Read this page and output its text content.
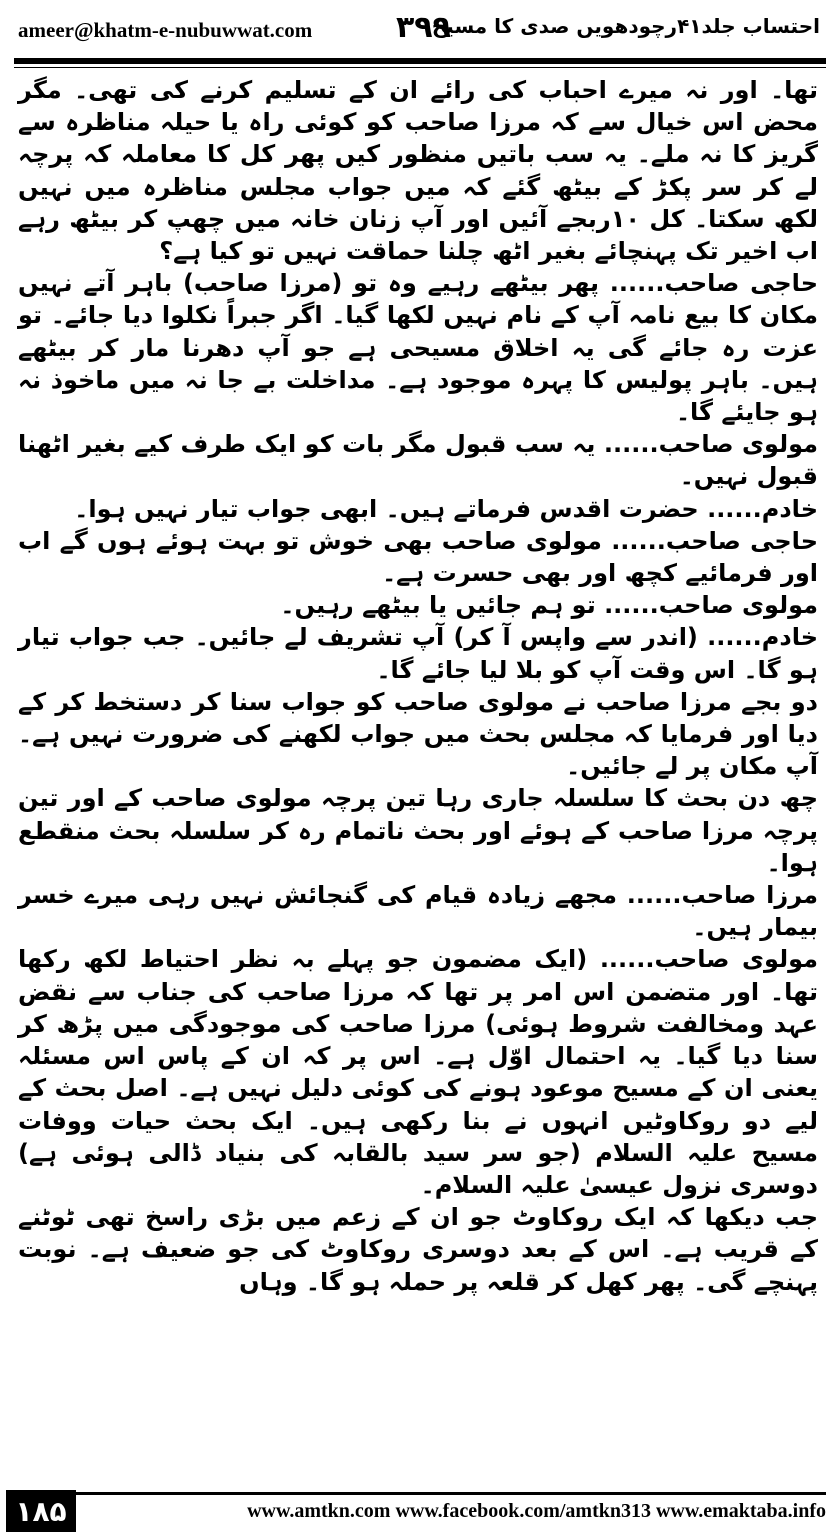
ameer@khatm-e-nubuwwat.com	۳۹۹
احتساب جلد۴۱رچودھویں صدی کا مسیح

تھا۔ اور نہ میرے احباب کی رائے ان کے تسلیم کرنے کی تھی۔ مگر محض اس خیال سے کہ مرزا صاحب کو کوئی راہ یا حیلہ مناظرہ سے گریز کا نہ ملے۔ یہ سب باتیں منظور کیں پھر کل کا معاملہ کہ پرچہ لے کر سر پکڑ کے بیٹھ گئے کہ میں جواب مجلس مناظرہ میں نہیں لکھ سکتا۔ کل ۱۰ربجے آئیں اور آپ زنان خانہ میں چھپ کر بیٹھ رہے اب اخیر تک پہنچائے بغیر اٹھ چلنا حماقت نہیں تو کیا ہے؟

حاجی صاحب...... پھر بیٹھے رہیے وہ تو (مرزا صاحب) باہر آتے نہیں مکان کا بیع نامہ آپ کے نام نہیں لکھا گیا۔ اگر جبراً نکلوا دیا جائے۔ تو عزت رہ جائے گی یہ اخلاق مسیحی ہے جو آپ دھرنا مار کر بیٹھے ہیں۔ باہر پولیس کا پہرہ موجود ہے۔ مداخلت بے جا نہ میں ماخوذ نہ ہو جایئے گا۔

مولوی صاحب...... یہ سب قبول مگر بات کو ایک طرف کیے بغیر اٹھنا قبول نہیں۔

خادم...... حضرت اقدس فرماتے ہیں۔ ابھی جواب تیار نہیں ہوا۔

حاجی صاحب...... مولوی صاحب بھی خوش تو بہت ہوئے ہوں گے اب اور فرمائیے کچھ اور بھی حسرت ہے۔

مولوی صاحب...... تو ہم جائیں یا بیٹھے رہیں۔

خادم...... (اندر سے واپس آ کر) آپ تشریف لے جائیں۔ جب جواب تیار ہو گا۔ اس وقت آپ کو بلا لیا جائے گا۔

دو بجے مرزا صاحب نے مولوی صاحب کو جواب سنا کر دستخط کر کے دیا اور فرمایا کہ مجلس بحث میں جواب لکھنے کی ضرورت نہیں ہے۔ آپ مکان پر لے جائیں۔

چھ دن بحث کا سلسلہ جاری رہا تین پرچہ مولوی صاحب کے اور تین پرچہ مرزا صاحب کے ہوئے اور بحث ناتمام رہ کر سلسلہ بحث منقطع ہوا۔

مرزا صاحب...... مجھے زیادہ قیام کی گنجائش نہیں رہی میرے خسر بیمار ہیں۔

مولوی صاحب...... (ایک مضمون جو پہلے بہ نظر احتیاط لکھ رکھا تھا۔ اور متضمن اس امر پر تھا کہ مرزا صاحب کی جناب سے نقض عہد ومخالفت شروط ہوئی) مرزا صاحب کی موجودگی میں پڑھ کر سنا دیا گیا۔ یہ احتمال اوّل ہے۔ اس پر کہ ان کے پاس اس مسئلہ یعنی ان کے مسیح موعود ہونے کی کوئی دلیل نہیں ہے۔ اصل بحث کے لیے دو روکاوٹیں انہوں نے بنا رکھی ہیں۔ ایک بحث حیات ووفات مسیح علیہ السلام (جو سر سید بالقابہ کی بنیاد ڈالی ہوئی ہے) دوسری نزول عیسیٰ علیہ السلام۔

جب دیکھا کہ ایک روکاوٹ جو ان کے زعم میں بڑی راسخ تھی ٹوٹنے کے قریب ہے۔ اس کے بعد دوسری روکاوٹ کی جو ضعیف ہے۔ نوبت پہنچے گی۔ پھر کھل کر قلعہ پر حملہ ہو گا۔ وہاں

۱۸۵	www.amtkn.com www.facebook.com/amtkn313 www.emaktaba.info
